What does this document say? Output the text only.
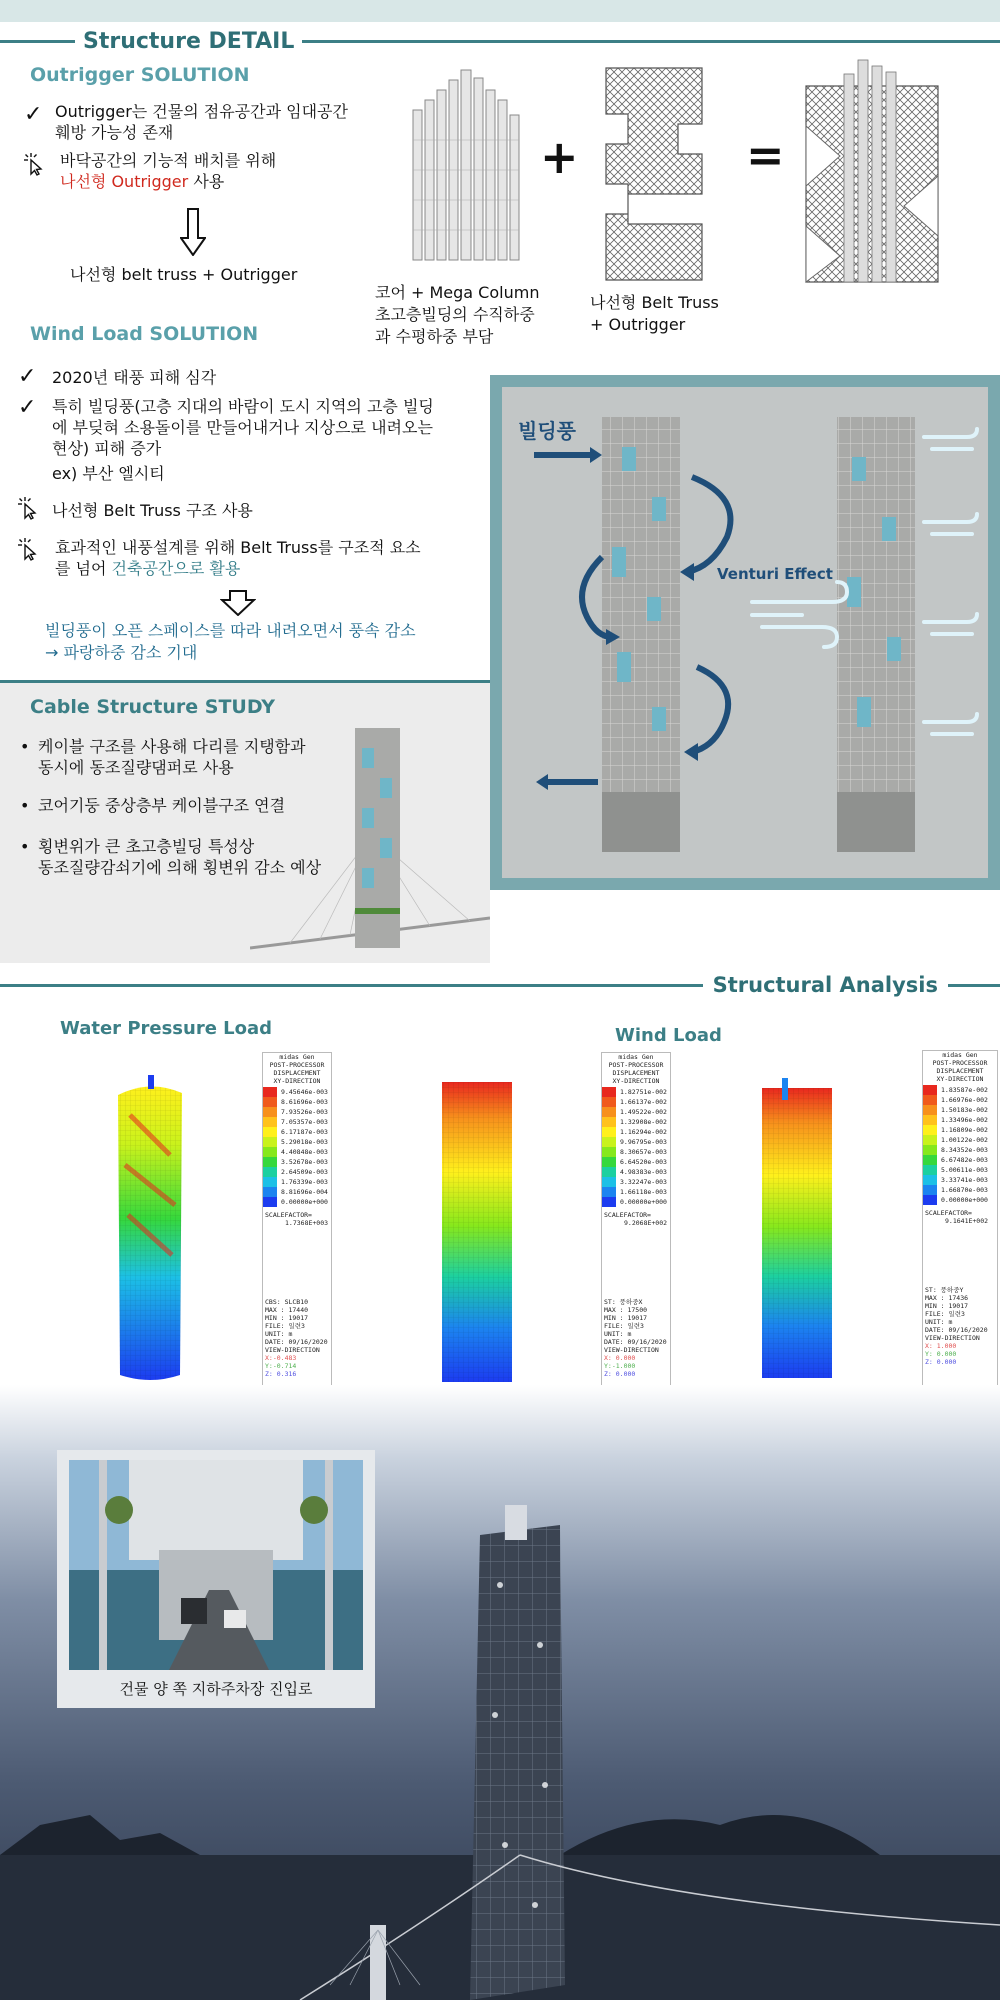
Structure DETAIL
Outrigger SOLUTION
✓ Outrigger는 건물의 점유공간과 임대공간
훼방 가능성 존재
바닥공간의 기능적 배치를 위해
나선형 Outrigger 사용
나선형 belt truss + Outrigger
+	=
코어 + Mega Column
초고층빌딩의 수직하중
과 수평하중 부담
나선형 Belt Truss
+ Outrigger
Wind Load SOLUTION
✓ 2020년 태풍 피해 심각
✓ 특히 빌딩풍(고층 지대의 바람이 도시 지역의 고층 빌딩
에 부딪혀 소용돌이를 만들어내거나 지상으로 내려오는
현상) 피해 증가
ex) 부산 엘시티
나선형 Belt Truss 구조 사용
효과적인 내풍설계를 위해 Belt Truss를 구조적 요소
를 넘어 건축공간으로 활용
빌딩풍이 오픈 스페이스를 따라 내려오면서 풍속 감소
→ 파랑하중 감소 기대
빌딩풍
Venturi Effect
Cable Structure STUDY
• 케이블 구조를 사용해 다리를 지탱함과
동시에 동조질량댐퍼로 사용
• 코어기둥 중상층부 케이블구조 연결
• 횡변위가 큰 초고층빌딩 특성상
동조질량감쇠기에 의해 횡변위 감소 예상
Structural Analysis
Water Pressure Load	Wind Load
midas Gen
POST-PROCESSOR
DISPLACEMENT
XY-DIRECTION
9.45646e-003
8.61696e-003
7.93526e-003
7.05357e-003
6.17187e-003
5.29018e-003
4.40848e-003
3.52678e-003
2.64509e-003
1.76339e-003
8.81696e-004
0.00000e+000
SCALEFACTOR=
1.7368E+003
CBS: SLCB10
MAX : 17440
MIN : 19017
FILE: 일련3
UNIT: m
DATE: 09/16/2020
VIEW-DIRECTION
X:-0.483
Y:-0.714
Z: 0.316
midas Gen
POST-PROCESSOR
DISPLACEMENT
XY-DIRECTION
1.82751e-002
1.66137e-002
1.49522e-002
1.32908e-002
1.16294e-002
9.96795e-003
8.30657e-003
6.64520e-003
4.98383e-003
3.32247e-003
1.66118e-003
0.00000e+000
SCALEFACTOR=
9.2068E+002
ST: 풍하중X
MAX : 17500
MIN : 19017
FILE: 일련3
UNIT: m
DATE: 09/16/2020
VIEW-DIRECTION
X: 0.000
Y:-1.000
Z: 0.000
midas Gen
POST-PROCESSOR
DISPLACEMENT
XY-DIRECTION
1.83587e-002
1.66976e-002
1.50183e-002
1.33496e-002
1.16809e-002
1.00122e-002
8.34352e-003
6.67482e-003
5.00611e-003
3.33741e-003
1.66870e-003
0.00000e+000
SCALEFACTOR=
9.1641E+002
ST: 풍하중Y
MAX : 17436
MIN : 19017
FILE: 일련3
UNIT: m
DATE: 09/16/2020
VIEW-DIRECTION
X: 1.000
Y: 0.000
Z: 0.000
건물 양 쪽 지하주차장 진입로
